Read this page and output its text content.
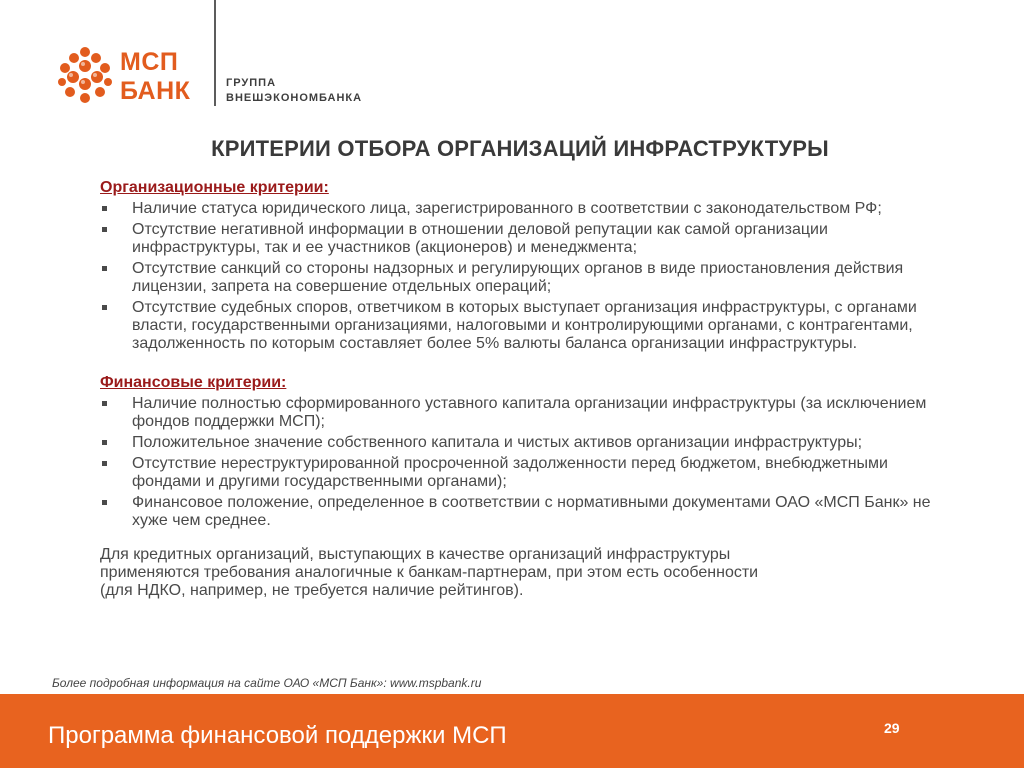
МСП
БАНК	ГРУППА
ВНЕШЭКОНОМБАНКА
КРИТЕРИИ ОТБОРА ОРГАНИЗАЦИЙ ИНФРАСТРУКТУРЫ
Организационные критерии:
Наличие статуса юридического лица, зарегистрированного в соответствии с законодательством РФ;
Отсутствие негативной информации в отношении деловой репутации как самой организации инфраструктуры, так и ее участников (акционеров) и менеджмента;
Отсутствие санкций со стороны надзорных и регулирующих органов в виде приостановления действия лицензии, запрета на совершение отдельных операций;
Отсутствие судебных споров, ответчиком в которых выступает организация инфраструктуры, с органами власти, государственными организациями, налоговыми и контролирующими органами, с контрагентами, задолженность по которым составляет более 5% валюты баланса организации инфраструктуры.
Финансовые критерии:
Наличие полностью сформированного уставного капитала организации инфраструктуры (за исключением фондов поддержки МСП);
Положительное значение собственного капитала и чистых активов организации инфраструктуры;
Отсутствие нереструктурированной просроченной задолженности перед бюджетом, внебюджетными фондами и другими государственными органами);
Финансовое положение, определенное в соответствии с нормативными документами ОАО «МСП Банк» не хуже чем среднее.
Для кредитных организаций, выступающих в качестве организаций инфраструктуры
применяются требования аналогичные к банкам-партнерам, при этом есть особенности
(для НДКО, например, не требуется наличие рейтингов).
Более подробная информация на сайте ОАО «МСП Банк»: www.mspbank.ru
Программа финансовой поддержки МСП	29
